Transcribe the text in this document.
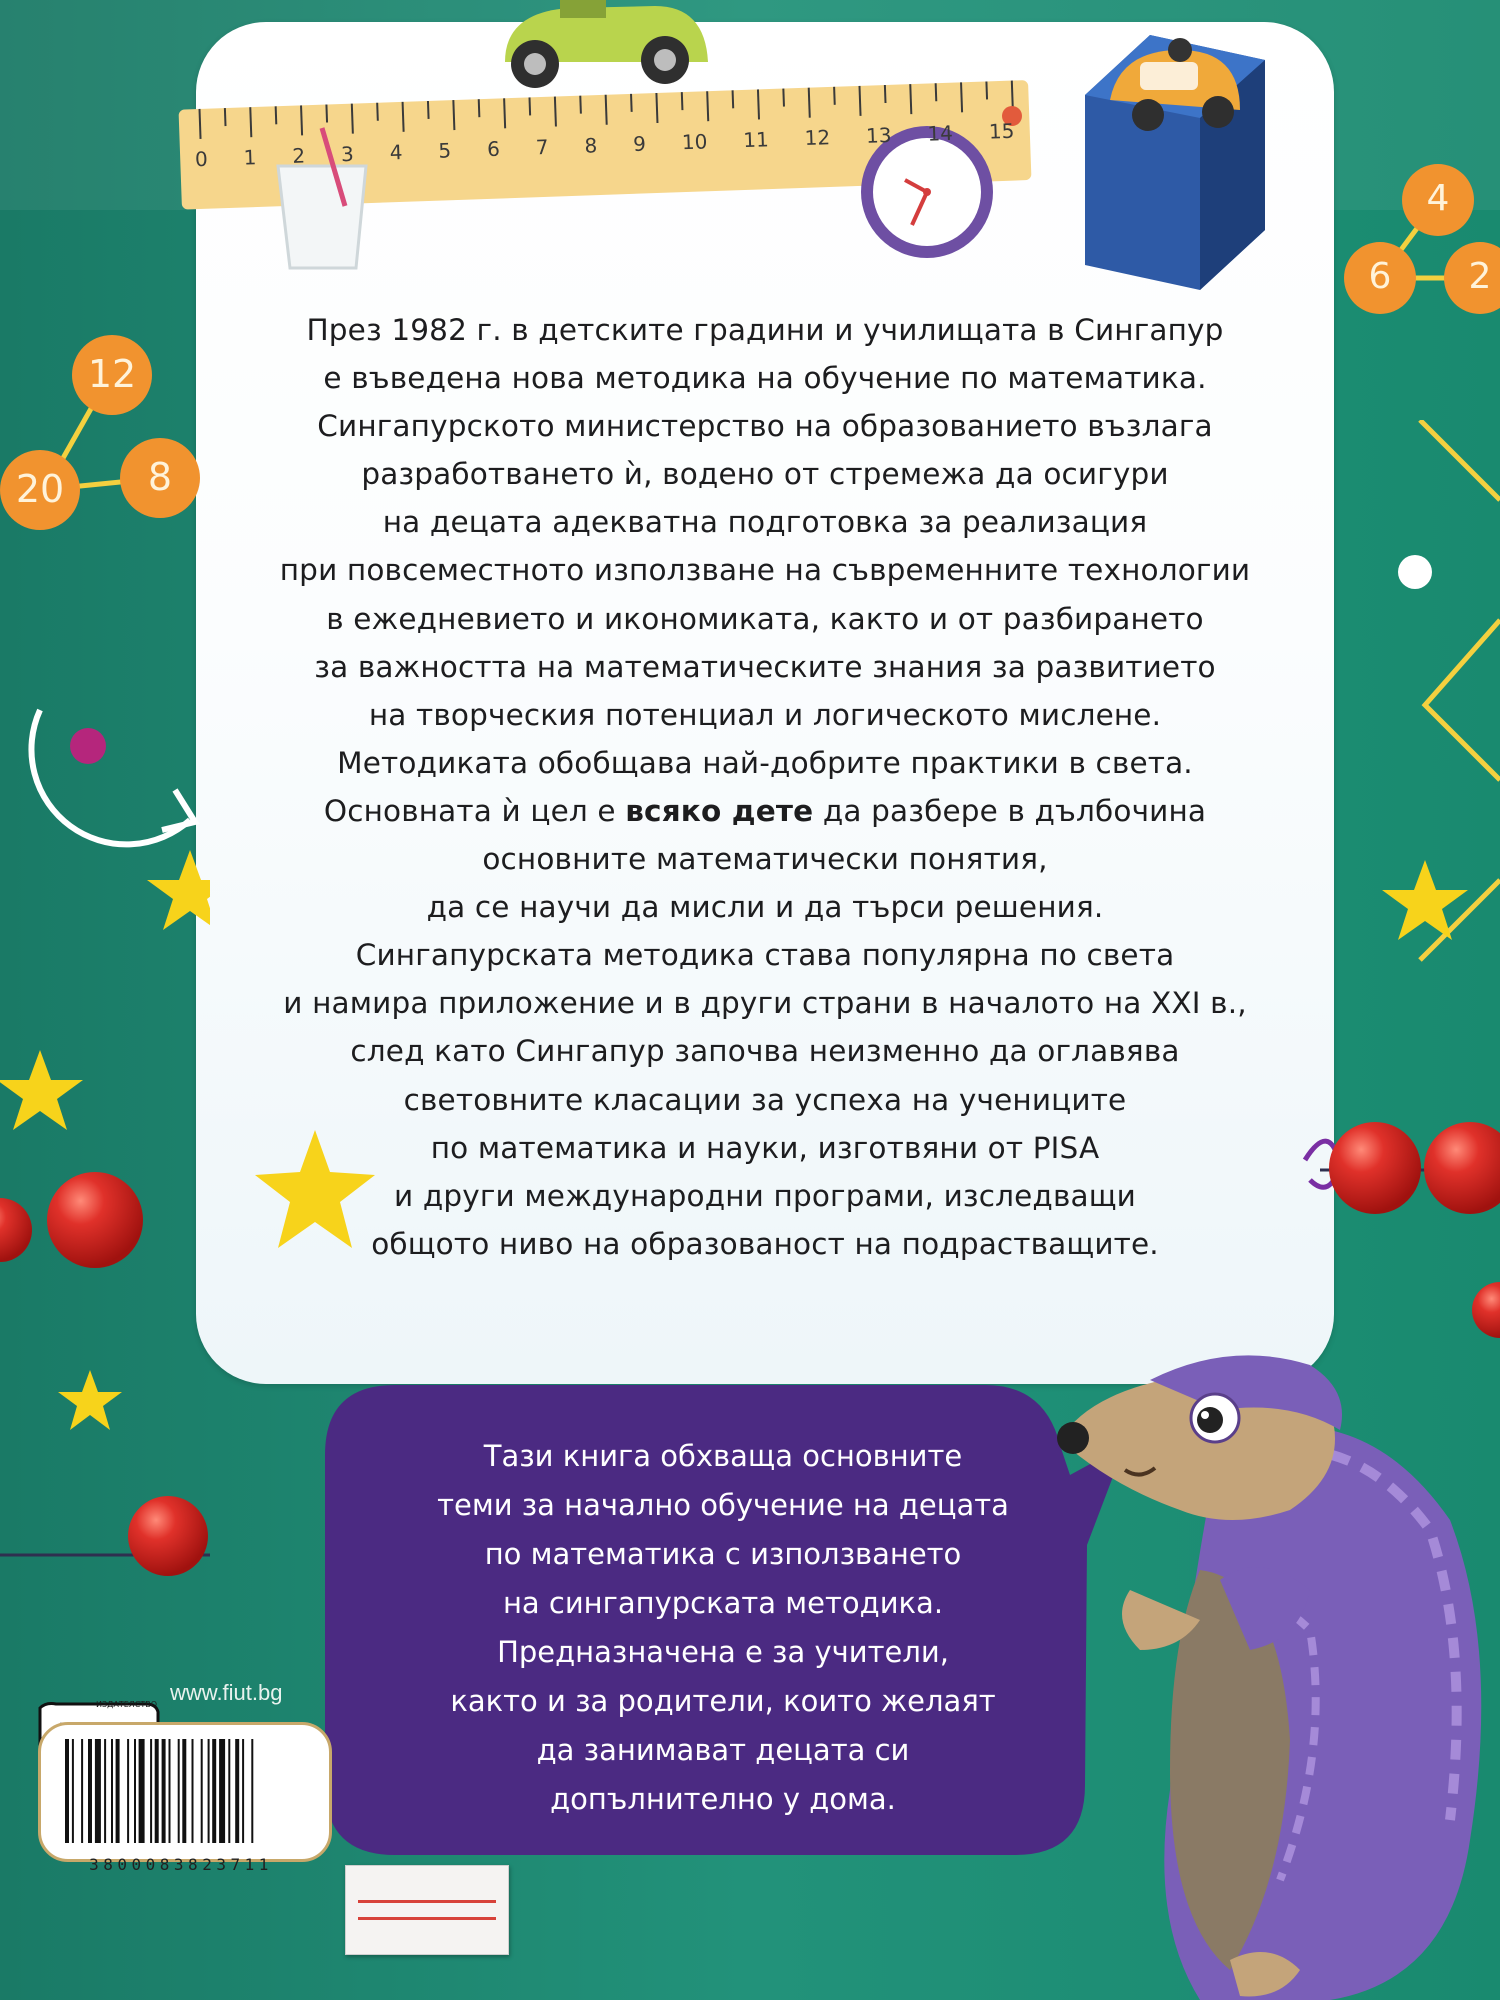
0 1 2 3 4 5 6 7 8 9 10 11 12 13 14 15
12
20	8
4
6	2
През 1982 г. в детските градини и училищата в Сингапур
е въведена нова методика на обучение по математика.
Сингапурското министерство на образованието възлага
разработването ѝ, водено от стремежа да осигури
на децата адекватна подготовка за реализация
при повсеместното използване на съвременните технологии
в ежедневието и икономиката, както и от разбирането
за важността на математическите знания за развитието
на творческия потенциал и логическото мислене.
Методиката обобщава най-добрите практики в света.
Основната ѝ цел е всяко дете да разбере в дълбочина
основните математически понятия,
да се научи да мисли и да търси решения.
Сингапурската методика става популярна по света
и намира приложение и в други страни в началото на XXI в.,
след като Сингапур започва неизменно да оглавява
световните класации за успеха на учениците
по математика и науки, изготвяни от PISA
и други международни програми, изследващи
общото ниво на образованост на подрастващите.
Тази книга обхваща основните
теми за начално обучение на децата
по математика с използването
на сингапурската методика.
Предназначена е за учители,
както и за родители, които желаят
да занимават децата си
допълнително у дома.
ИЗДАТЕЛСТВО www.fiut.bg
3800083823711
